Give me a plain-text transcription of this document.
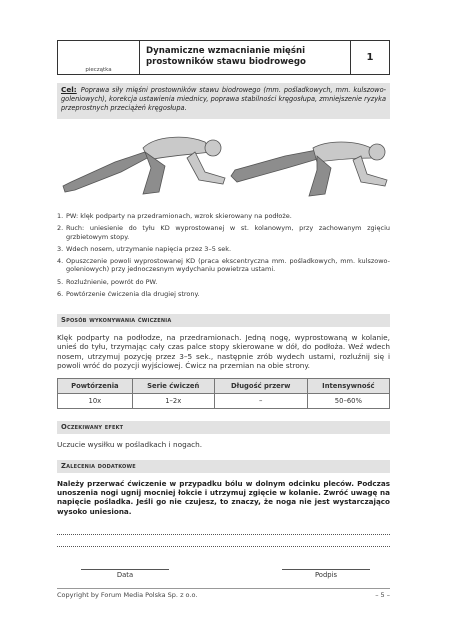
pieczątka
Dynamiczne wzmacnianie mięśni
prostowników stawu biodrowego	1
Cel: Poprawa siły mięśni prostowników stawu biodrowego (mm. pośladkowych, mm. kulszowo-goleniowych), korekcja ustawienia miednicy, poprawa stabilności kręgosłupa, zmniejszenie ryzyka przeprostnych przeciążeń kręgosłupa.
1. PW: klęk podparty na przedramionach, wzrok skierowany na podłoże.
2. Ruch: uniesienie do tyłu KD wyprostowanej w st. kolanowym, przy zachowanym zgięciu grzbietowym stopy.
3. Wdech nosem, utrzymanie napięcia przez 3–5 sek.
4. Opuszczenie powoli wyprostowanej KD (praca ekscentryczna mm. pośladkowych, mm. kulszowo-goleniowych) przy jednoczesnym wydychaniu powietrza ustami.
5. Rozluźnienie, powrót do PW.
6. Powtórzenie ćwiczenia dla drugiej strony.
Sposób wykonywania ćwiczenia
Klęk podparty na podłodze, na przedramionach. Jedną nogę, wyprostowaną w kolanie, unieś do tyłu, trzymając cały czas palce stopy skierowane w dół, do podłoża. Weź wdech nosem, utrzymuj pozycję przez 3–5 sek., następnie zrób wydech ustami, rozluźnij się i powoli wróć do pozycji wyjściowej. Ćwicz na przemian na obie strony.
Powtórzenia	Serie ćwiczeń	Długość przerw	Intensywność
10x	1–2x	–	50–60%
Oczekiwany efekt
Uczucie wysiłku w pośladkach i nogach.
Zalecenia dodatkowe
Należy przerwać ćwiczenie w przypadku bólu w dolnym odcinku pleców. Podczas unoszenia nogi ugnij mocniej łokcie i utrzymuj zgięcie w kolanie. Zwróć uwagę na napięcie pośladka. Jeśli go nie czujesz, to znaczy, że noga nie jest wystarczająco wysoko uniesiona.
Data	Podpis
Copyright by Forum Media Polska Sp. z o.o.	– 5 –
